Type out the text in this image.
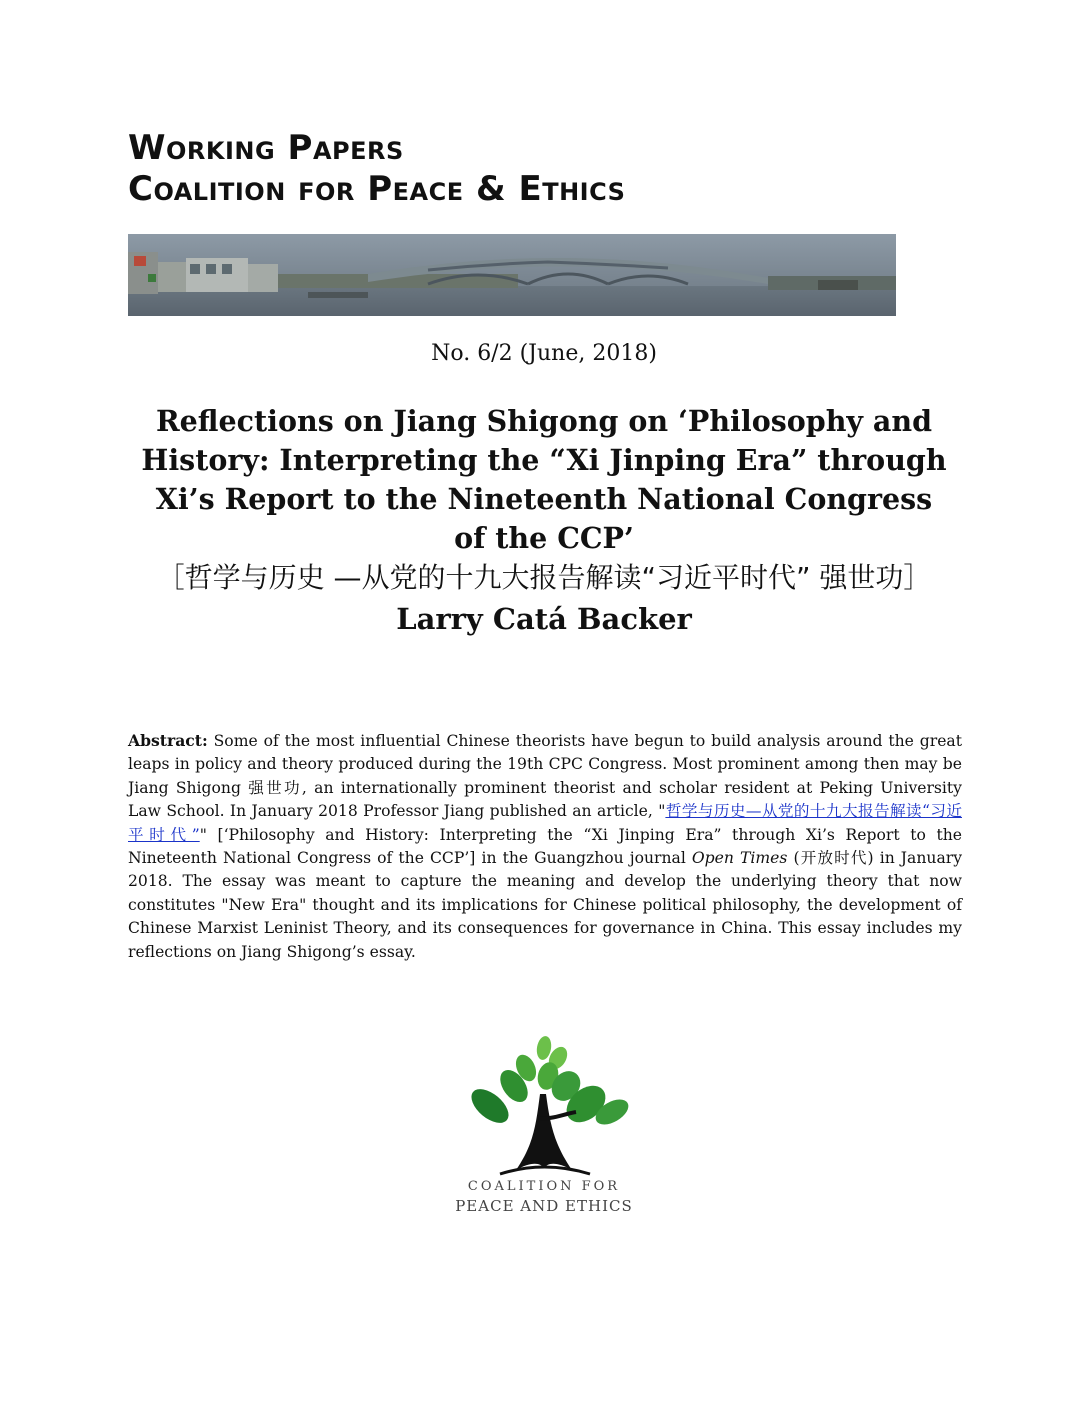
Working Papers
Coalition for Peace & Ethics
No. 6/2 (June, 2018)
Reflections on Jiang Shigong on ‘Philosophy and History: Interpreting the “Xi Jinping Era” through Xi’s Report to the Nineteenth National Congress of the CCP’
［哲学与历史 —从党的十九大报告解读“习近平时代” 强世功］
Larry Catá Backer
Abstract: Some of the most influential Chinese theorists have begun to build analysis around the great leaps in policy and theory produced during the 19th CPC Congress. Most prominent among then may be Jiang Shigong 强世功, an internationally prominent theorist and scholar resident at Peking University Law School. In January 2018 Professor Jiang published an article, "哲学与历史—从党的十九大报告解读“习近平时代”" [‘Philosophy and History: Interpreting the “Xi Jinping Era” through Xi’s Report to the Nineteenth National Congress of the CCP’] in the Guangzhou journal Open Times (开放时代) in January 2018. The essay was meant to capture the meaning and develop the underlying theory that now constitutes "New Era" thought and its implications for Chinese political philosophy, the development of Chinese Marxist Leninist Theory, and its consequences for governance in China. This essay includes my reflections on Jiang Shigong’s essay.
COALITION FOR
PEACE AND ETHICS
